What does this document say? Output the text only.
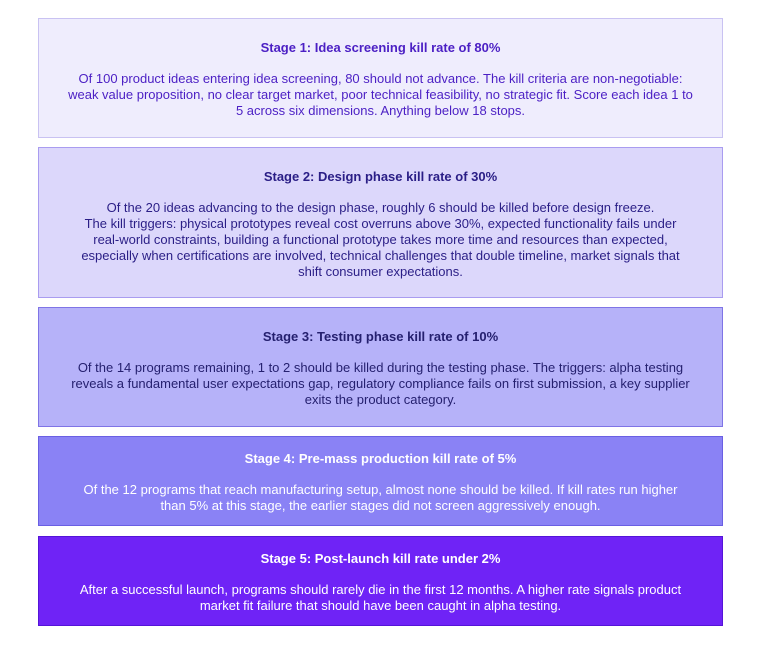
Stage 1: Idea screening kill rate of 80%

Of 100 product ideas entering idea screening, 80 should not advance. The kill criteria are non-negotiable:
weak value proposition, no clear target market, poor technical feasibility, no strategic fit. Score each idea 1 to
5 across six dimensions. Anything below 18 stops.

Stage 2: Design phase kill rate of 30%

Of the 20 ideas advancing to the design phase, roughly 6 should be killed before design freeze.
The kill triggers: physical prototypes reveal cost overruns above 30%, expected functionality fails under
real-world constraints, building a functional prototype takes more time and resources than expected,
especially when certifications are involved, technical challenges that double timeline, market signals that
shift consumer expectations.

Stage 3: Testing phase kill rate of 10%

Of the 14 programs remaining, 1 to 2 should be killed during the testing phase. The triggers: alpha testing
reveals a fundamental user expectations gap, regulatory compliance fails on first submission, a key supplier
exits the product category.

Stage 4: Pre-mass production kill rate of 5%

Of the 12 programs that reach manufacturing setup, almost none should be killed. If kill rates run higher
than 5% at this stage, the earlier stages did not screen aggressively enough.

Stage 5: Post-launch kill rate under 2%

After a successful launch, programs should rarely die in the first 12 months. A higher rate signals product
market fit failure that should have been caught in alpha testing.
